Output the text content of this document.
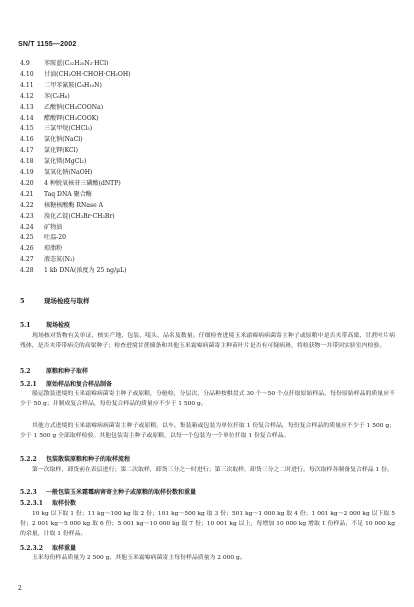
SN/T 1155—2002
4.9 苯胺蓝(C₃₂H₂₅N₃·HCl)
4.10 甘油(CH₂OH·CHOH·CH₂OH)
4.11 二甲苯氰胺(C₈H₁₀N)
4.12 苯(C₆H₆)
4.13 乙酸钠(CH₃COONa)
4.14 醋酸钾(CH₃COOK)
4.15 三氯甲烷(CHCl₃)
4.16 氯化钠(NaCl)
4.17 氯化钾(KCl)
4.18 氯化镁(MgCl₂)
4.19 氢氧化钠(NaOH)
4.20 4 种脱氧核苷三磷酸(dNTP)
4.21 Taq DNA 聚合酶
4.22 核糖核酸酶 RNase A
4.23 溴化乙锭(CH₃Br·CH₂Br)
4.24 矿物油
4.25 吐温-20
4.26 琼脂粉
4.27 液态氮(N₂)
4.28 1 kb DNA(浓度为 25 ng/μL)
5	现场检疫与取样
5.1	现场检疫
现场核对货物有关单证，核实产地、包装、唛头、品名及数量。仔细检查进境玉米霜霉病病菌寄主种子或原粮中是否夹带高梁、甘蔗叶片病残体，是否夹带带病壳的高梁种子；检查进境甘蔗插条和其他玉米霜霉病菌寄主种苗叶片是否有可疑病斑，将检获物一并带回实验室内检验。
5.2	原粮和种子取样
5.2.1 原始样品和复合样品制备
船运散装进境的玉米霜霉病菌寄主种子或原粮，分舱检，分层次，分品种按棋盘式 30 个～50 个点扦取原始样品，每份原始样品的质量应不少于 50 g；并制成复合样品，每份复合样品的质量应不少于 1 500 g。
其他方式进境的玉米霜霉病病菌寄主种子或原粮，以车、集装箱或包装为单位扦取 1 份复合样品，每份复合样品的质量应不少于 1 500 g；少于 1 500 g 全部取样检验。其他包装寄主种子或原粮，以每一个包装为一个单位扦取 1 份复合样品。
5.2.2 包装散装原粮和种子的取样流程
第一次取样，卸货前在表层进行；第二次取样，卸货三分之一时进行；第三次取样，卸货三分之二时进行。每次取样各制备复合样品 1 份。
5.2.3 一般包装玉米霜霉病害寄主种子或原粮的取样份数和重量
5.2.3.1 取样份数
10 kg 以下取 1 份；11 kg～100 kg 取 2 份；101 kg～500 kg 取 3 份；501 kg～1 000 kg 取 4 份；1 001 kg～2 000 kg 以下取 5 份；2 001 kg～5 000 kg 取 6 份；5 001 kg～10 000 kg 取 7 份；10 001 kg 以上，每增加 10 000 kg 增取 1 份样品，不足 10 000 kg 的余量，计取 1 份样品。
5.2.3.2 取样重量
玉米每份样品质量为 2 500 g，其他玉米霜霉病菌寄主每份样品质量为 2 000 g。
2
